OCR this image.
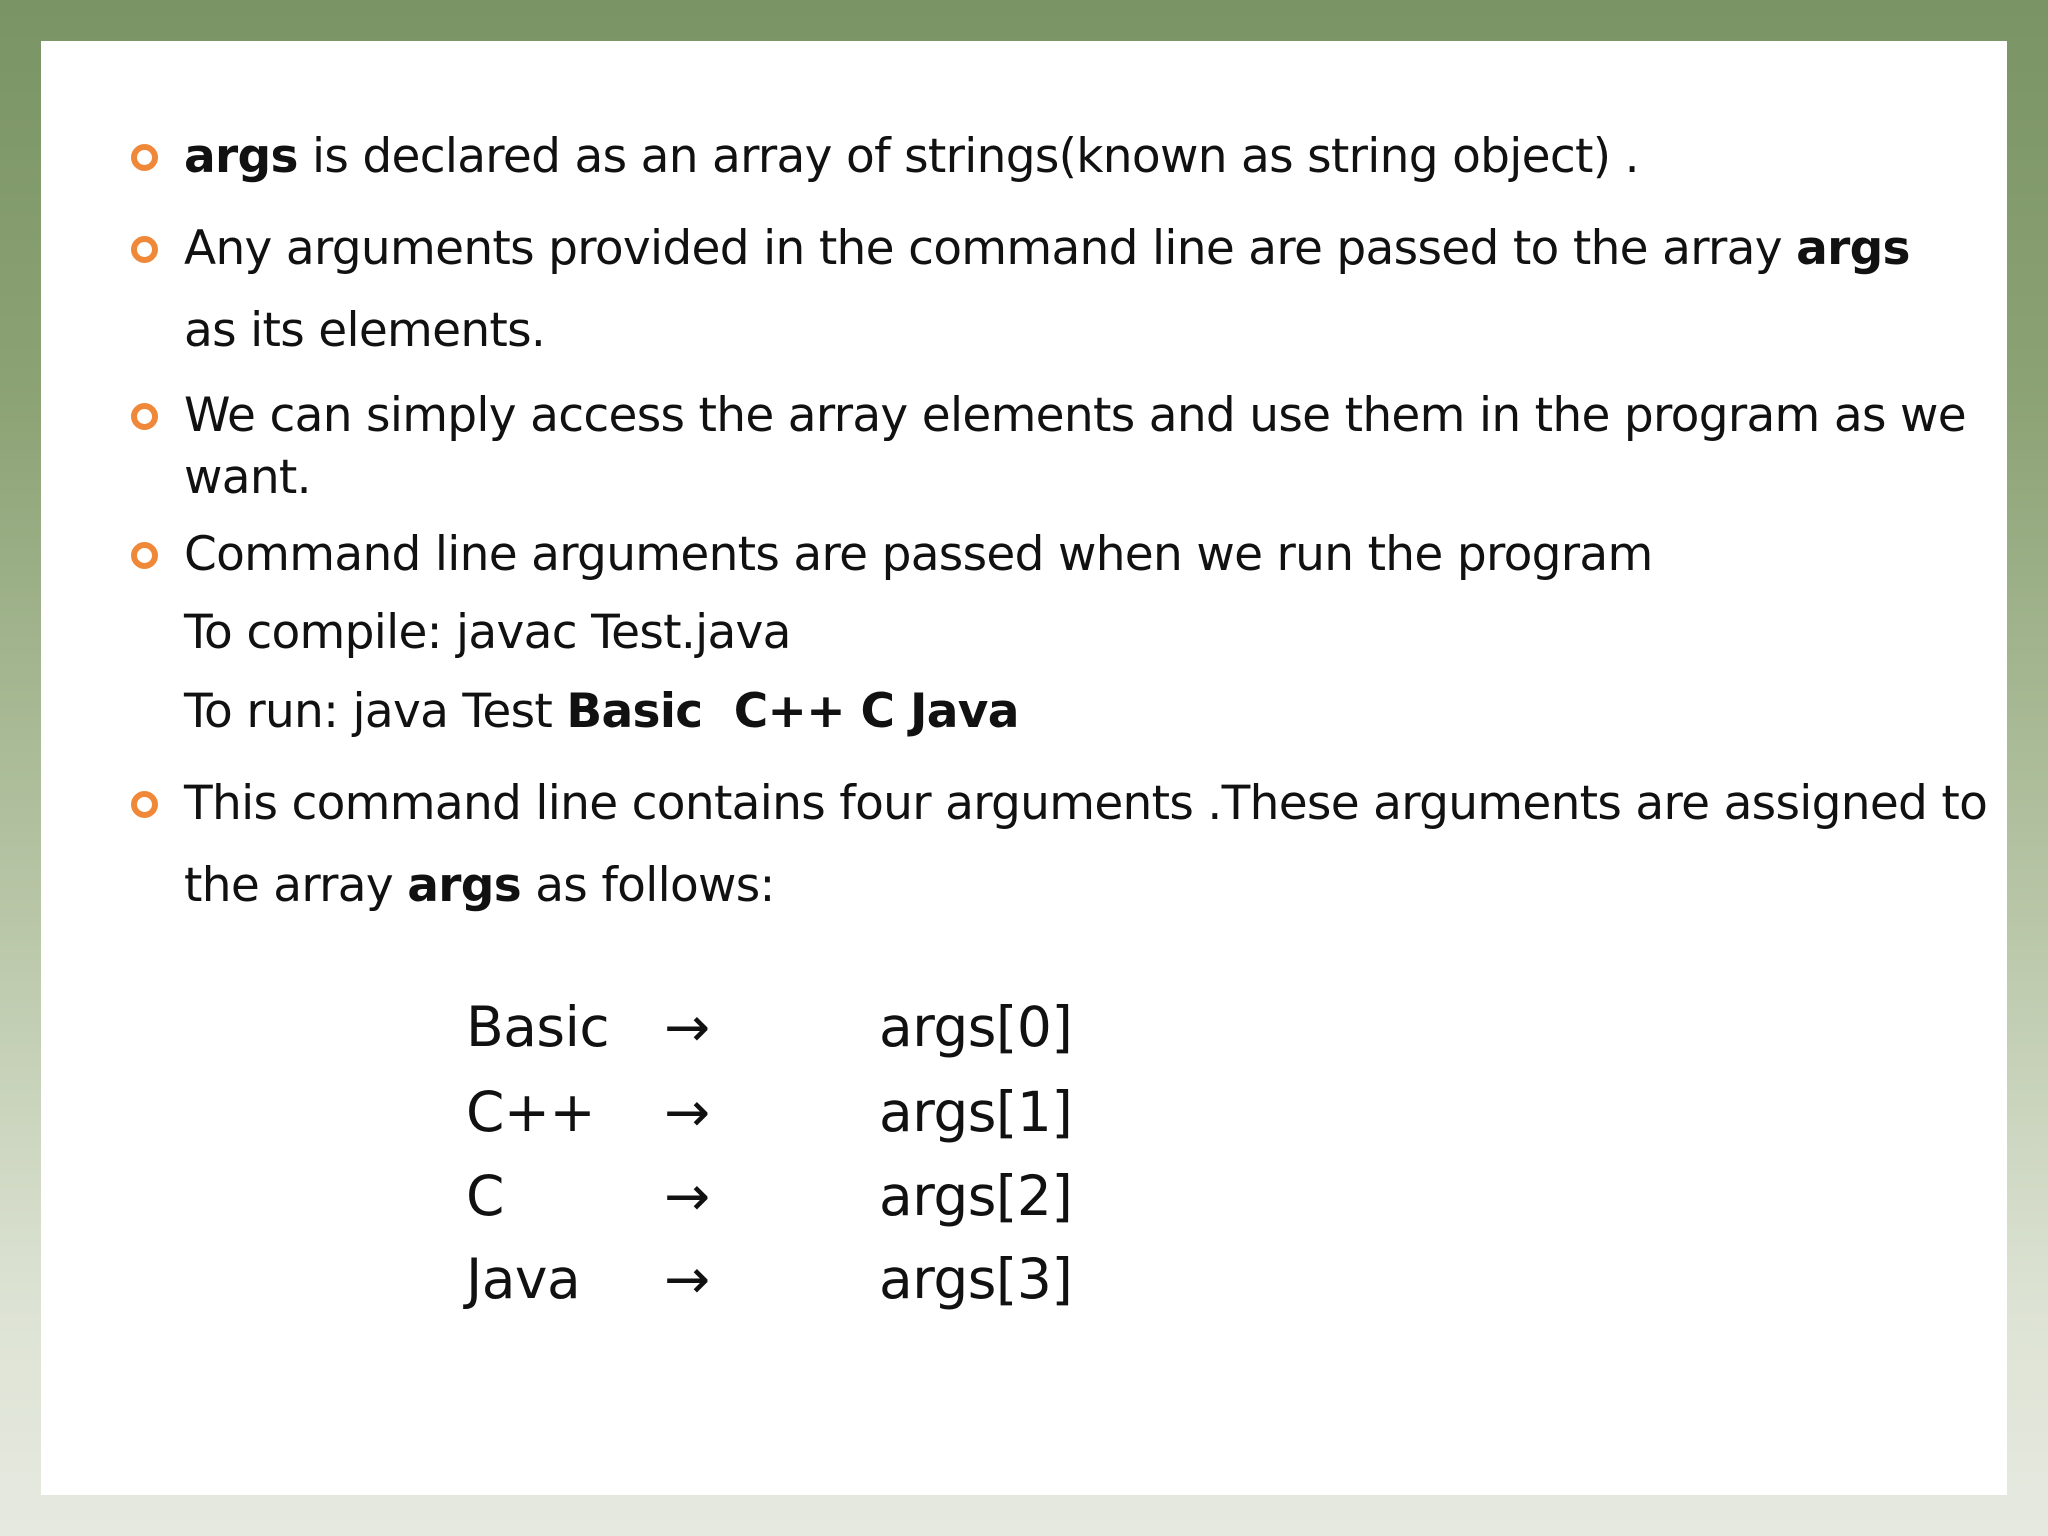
args is declared as an array of strings(known as string object) .
Any arguments provided in the command line are passed to the array args
as its elements.
We can simply access the array elements and use them in the program as we
want.
Command line arguments are passed when we run the program
To compile: javac Test.java
To run: java Test Basic  C++ C Java
This command line contains four arguments .These arguments are assigned to
the array args as follows:
Basic →	args[0]
C++ →	args[1]
C	→	args[2]
Java →	args[3]
